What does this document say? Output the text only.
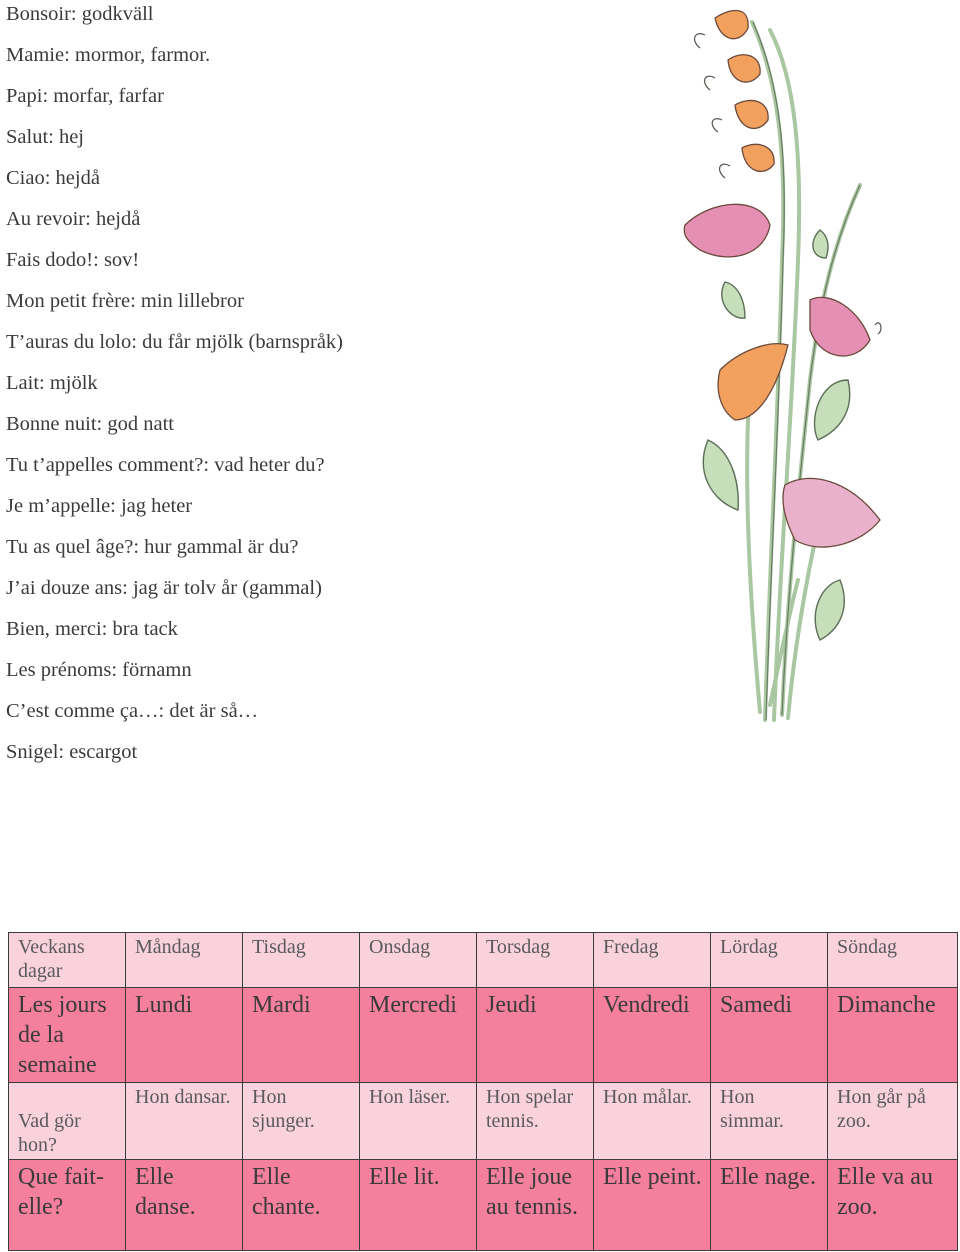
Bonsoir: godkväll
Mamie: mormor, farmor.
Papi: morfar, farfar
Salut: hej
Ciao: hejdå
Au revoir: hejdå
Fais dodo!: sov!
Mon petit frère: min lillebror
T’auras du lolo: du får mjölk (barnspråk)
Lait: mjölk
Bonne nuit: god natt
Tu t’appelles comment?: vad heter du?
Je m’appelle: jag heter
Tu as quel âge?: hur gammal är du?
J’ai douze ans: jag är tolv år (gammal)
Bien, merci: bra tack
Les prénoms: förnamn
C’est comme ça…: det är så…
Snigel: escargot
Veckans dagar	Måndag	Tisdag	Onsdag	Torsdag	Fredag	Lördag	Söndag
Les jours de la semaine	Lundi	Mardi	Mercredi	Jeudi	Vendredi	Samedi	Dimanche
Vad gör hon?	Hon dansar.	Hon sjunger.	Hon läser.	Hon spelar tennis.	Hon målar.	Hon simmar.	Hon går på zoo.
Que fait-elle?	Elle danse.	Elle chante.	Elle lit.	Elle joue au tennis.	Elle peint.	Elle nage.	Elle va au zoo.
